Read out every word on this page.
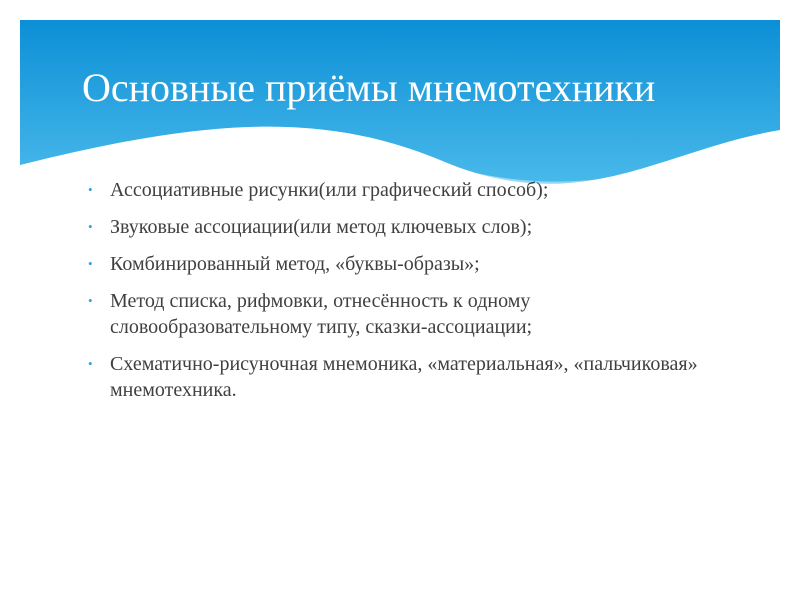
Основные приёмы мнемотехники
• Ассоциативные рисунки(или графический способ);
• Звуковые ассоциации(или метод ключевых слов);
• Комбинированный метод, «буквы-образы»;
• Метод списка, рифмовки, отнесённость к одному словообразовательному типу, сказки-ассоциации;
• Схематично-рисуночная мнемоника, «материальная», «пальчиковая» мнемотехника.
